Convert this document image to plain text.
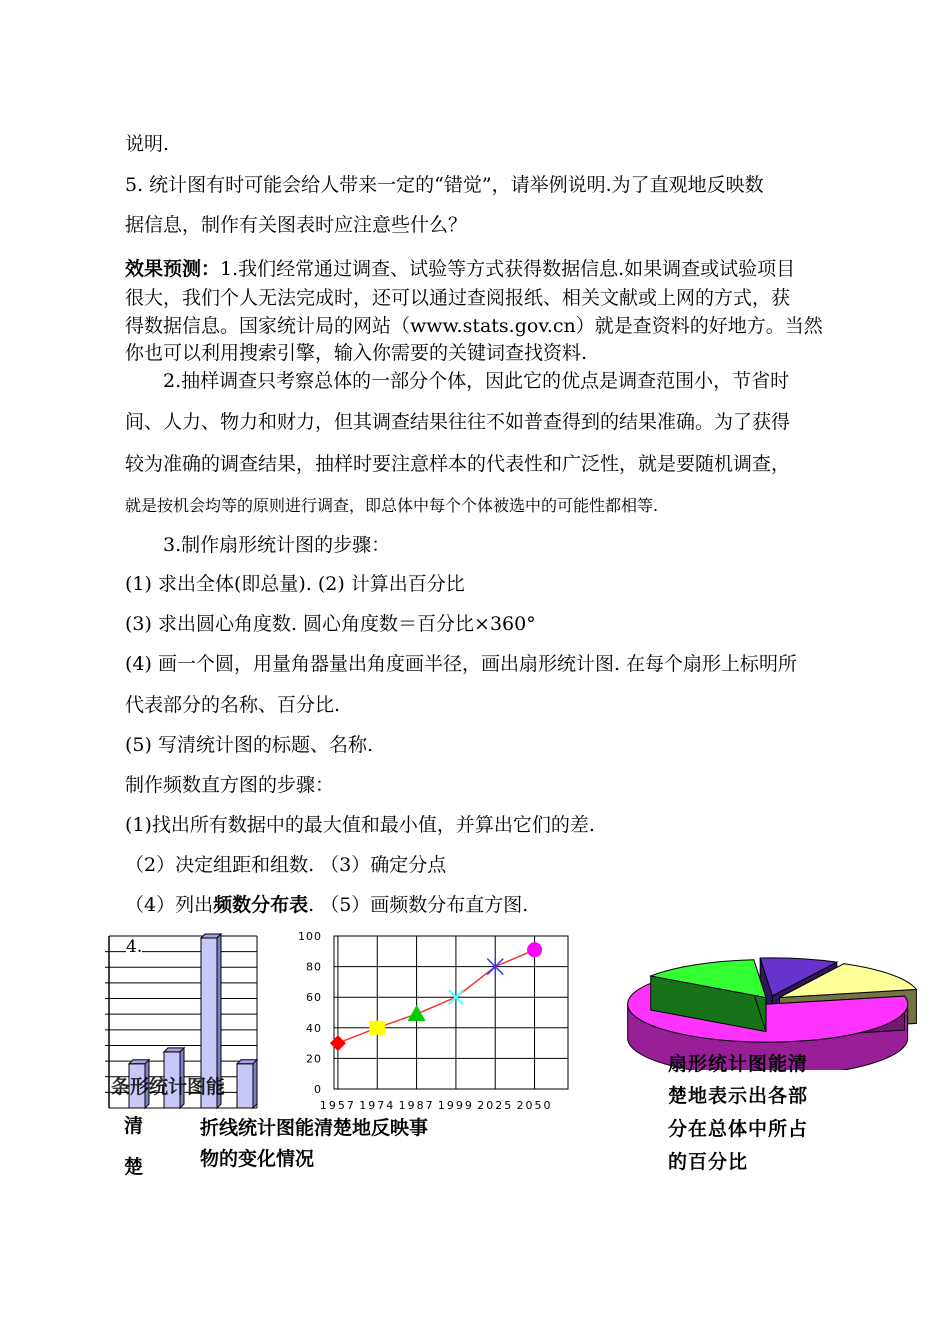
说明.
5. 统计图有时可能会给人带来一定的“错觉”，请举例说明.为了直观地反映数
据信息，制作有关图表时应注意些什么？
效果预测：1.我们经常通过调查、试验等方式获得数据信息.如果调查或试验项目
很大，我们个人无法完成时，还可以通过查阅报纸、相关文献或上网的方式，获
得数据信息。国家统计局的网站（www.stats.gov.cn）就是查资料的好地方。当然
你也可以利用搜索引擎，输入你需要的关键词查找资料.
2.抽样调查只考察总体的一部分个体，因此它的优点是调查范围小，节省时
间、人力、物力和财力，但其调查结果往往不如普查得到的结果准确。为了获得
较为准确的调查结果，抽样时要注意样本的代表性和广泛性，就是要随机调查，
就是按机会均等的原则进行调查，即总体中每个个体被选中的可能性都相等.
3.制作扇形统计图的步骤：
(1) 求出全体(即总量). (2) 计算出百分比
(3) 求出圆心角度数. 圆心角度数＝百分比×360°
(4) 画一个圆，用量角器量出角度画半径，画出扇形统计图. 在每个扇形上标明所
代表部分的名称、百分比.
(5) 写清统计图的标题、名称.
制作频数直方图的步骤：
(1)找出所有数据中的最大值和最小值，并算出它们的差.
（2）决定组距和组数. （3）确定分点
（4）列出频数分布表. （5）画频数分布直方图.
4.
条形统计图能
清
楚
0
20
40
60
80
100
1957 1974 1987 1999 2025 2050
折线统计图能清楚地反映事
物的变化情况
扇形统计图能清
楚地表示出各部
分在总体中所占
的百分比
